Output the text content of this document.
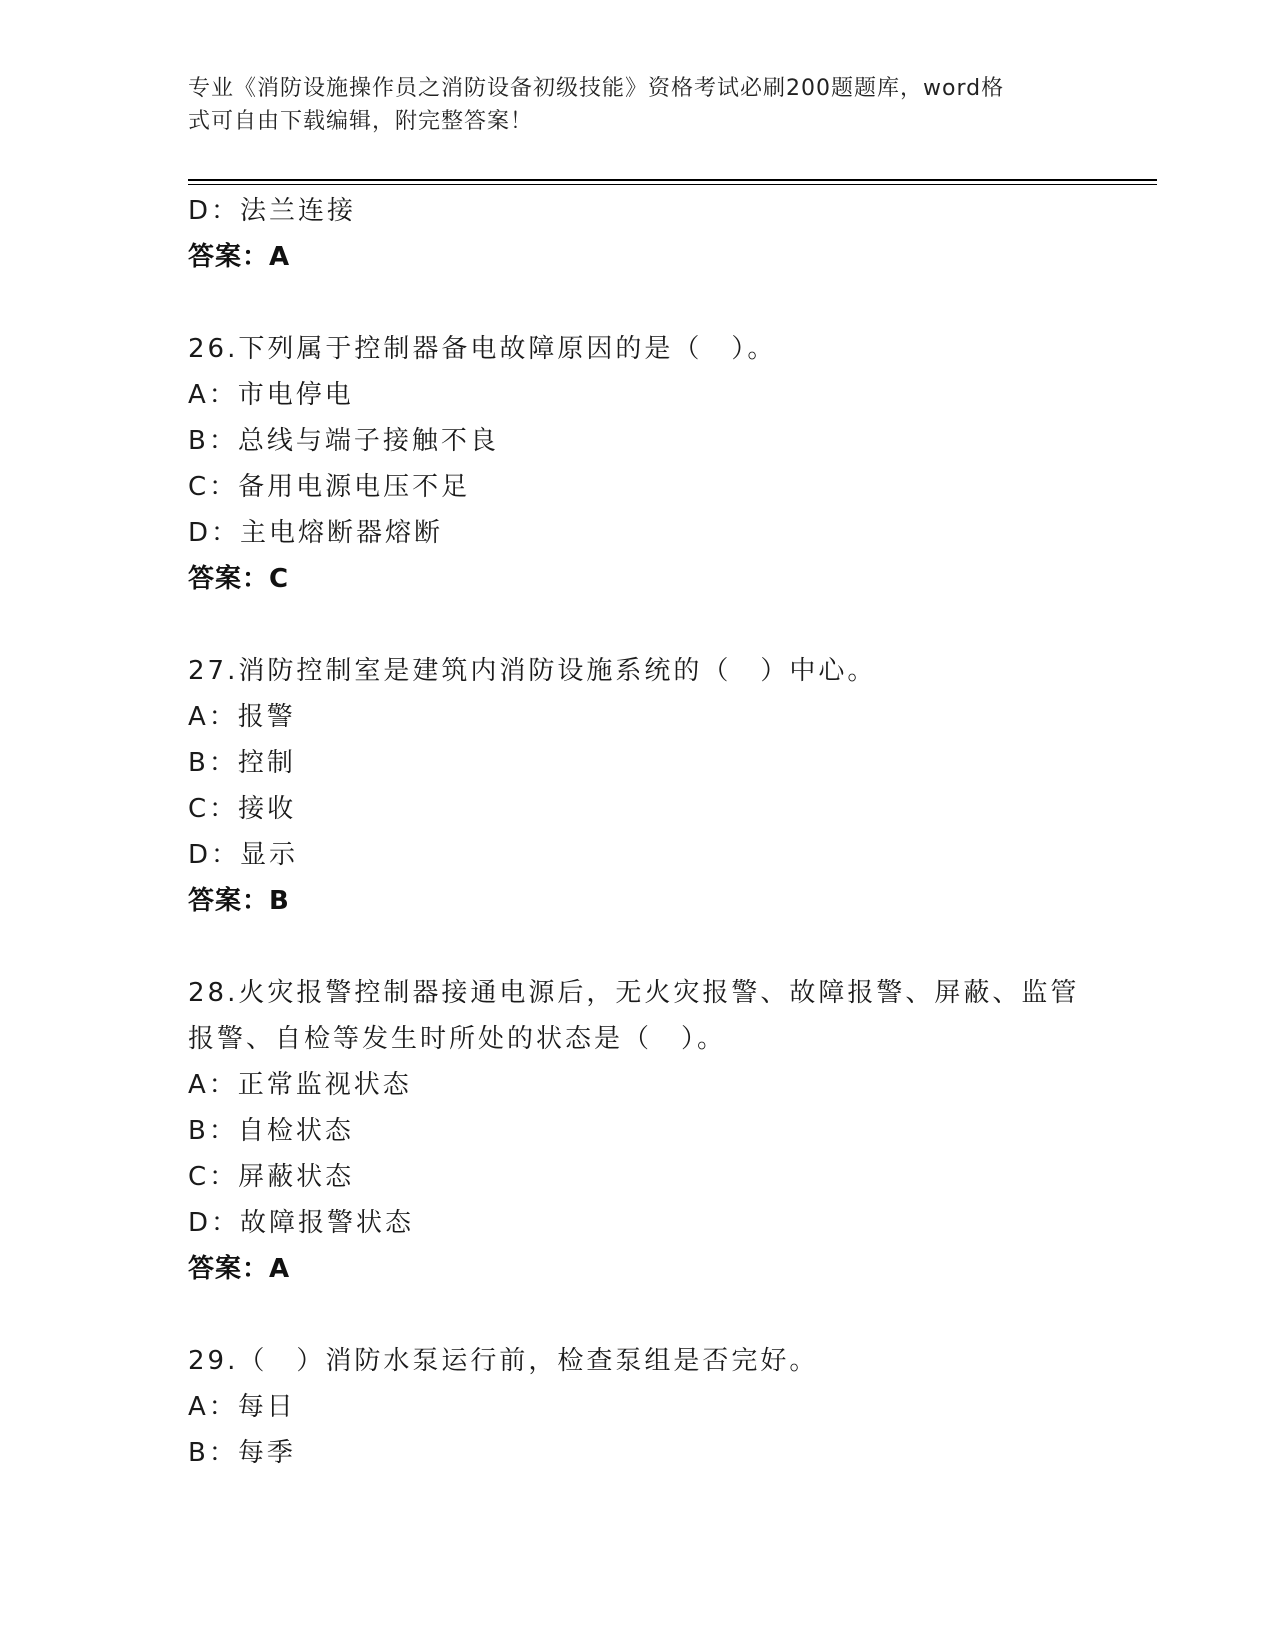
专业《消防设施操作员之消防设备初级技能》资格考试必刷200题题库，word格
式可自由下载编辑，附完整答案！
D：法兰连接
答案：A
26.下列属于控制器备电故障原因的是（　）。
A：市电停电
B：总线与端子接触不良
C：备用电源电压不足
D：主电熔断器熔断
答案：C
27.消防控制室是建筑内消防设施系统的（　）中心。
A：报警
B：控制
C：接收
D：显示
答案：B
28.火灾报警控制器接通电源后，无火灾报警、故障报警、屏蔽、监管
报警、自检等发生时所处的状态是（　）。
A：正常监视状态
B：自检状态
C：屏蔽状态
D：故障报警状态
答案：A
29.（　）消防水泵运行前，检查泵组是否完好。
A：每日
B：每季
